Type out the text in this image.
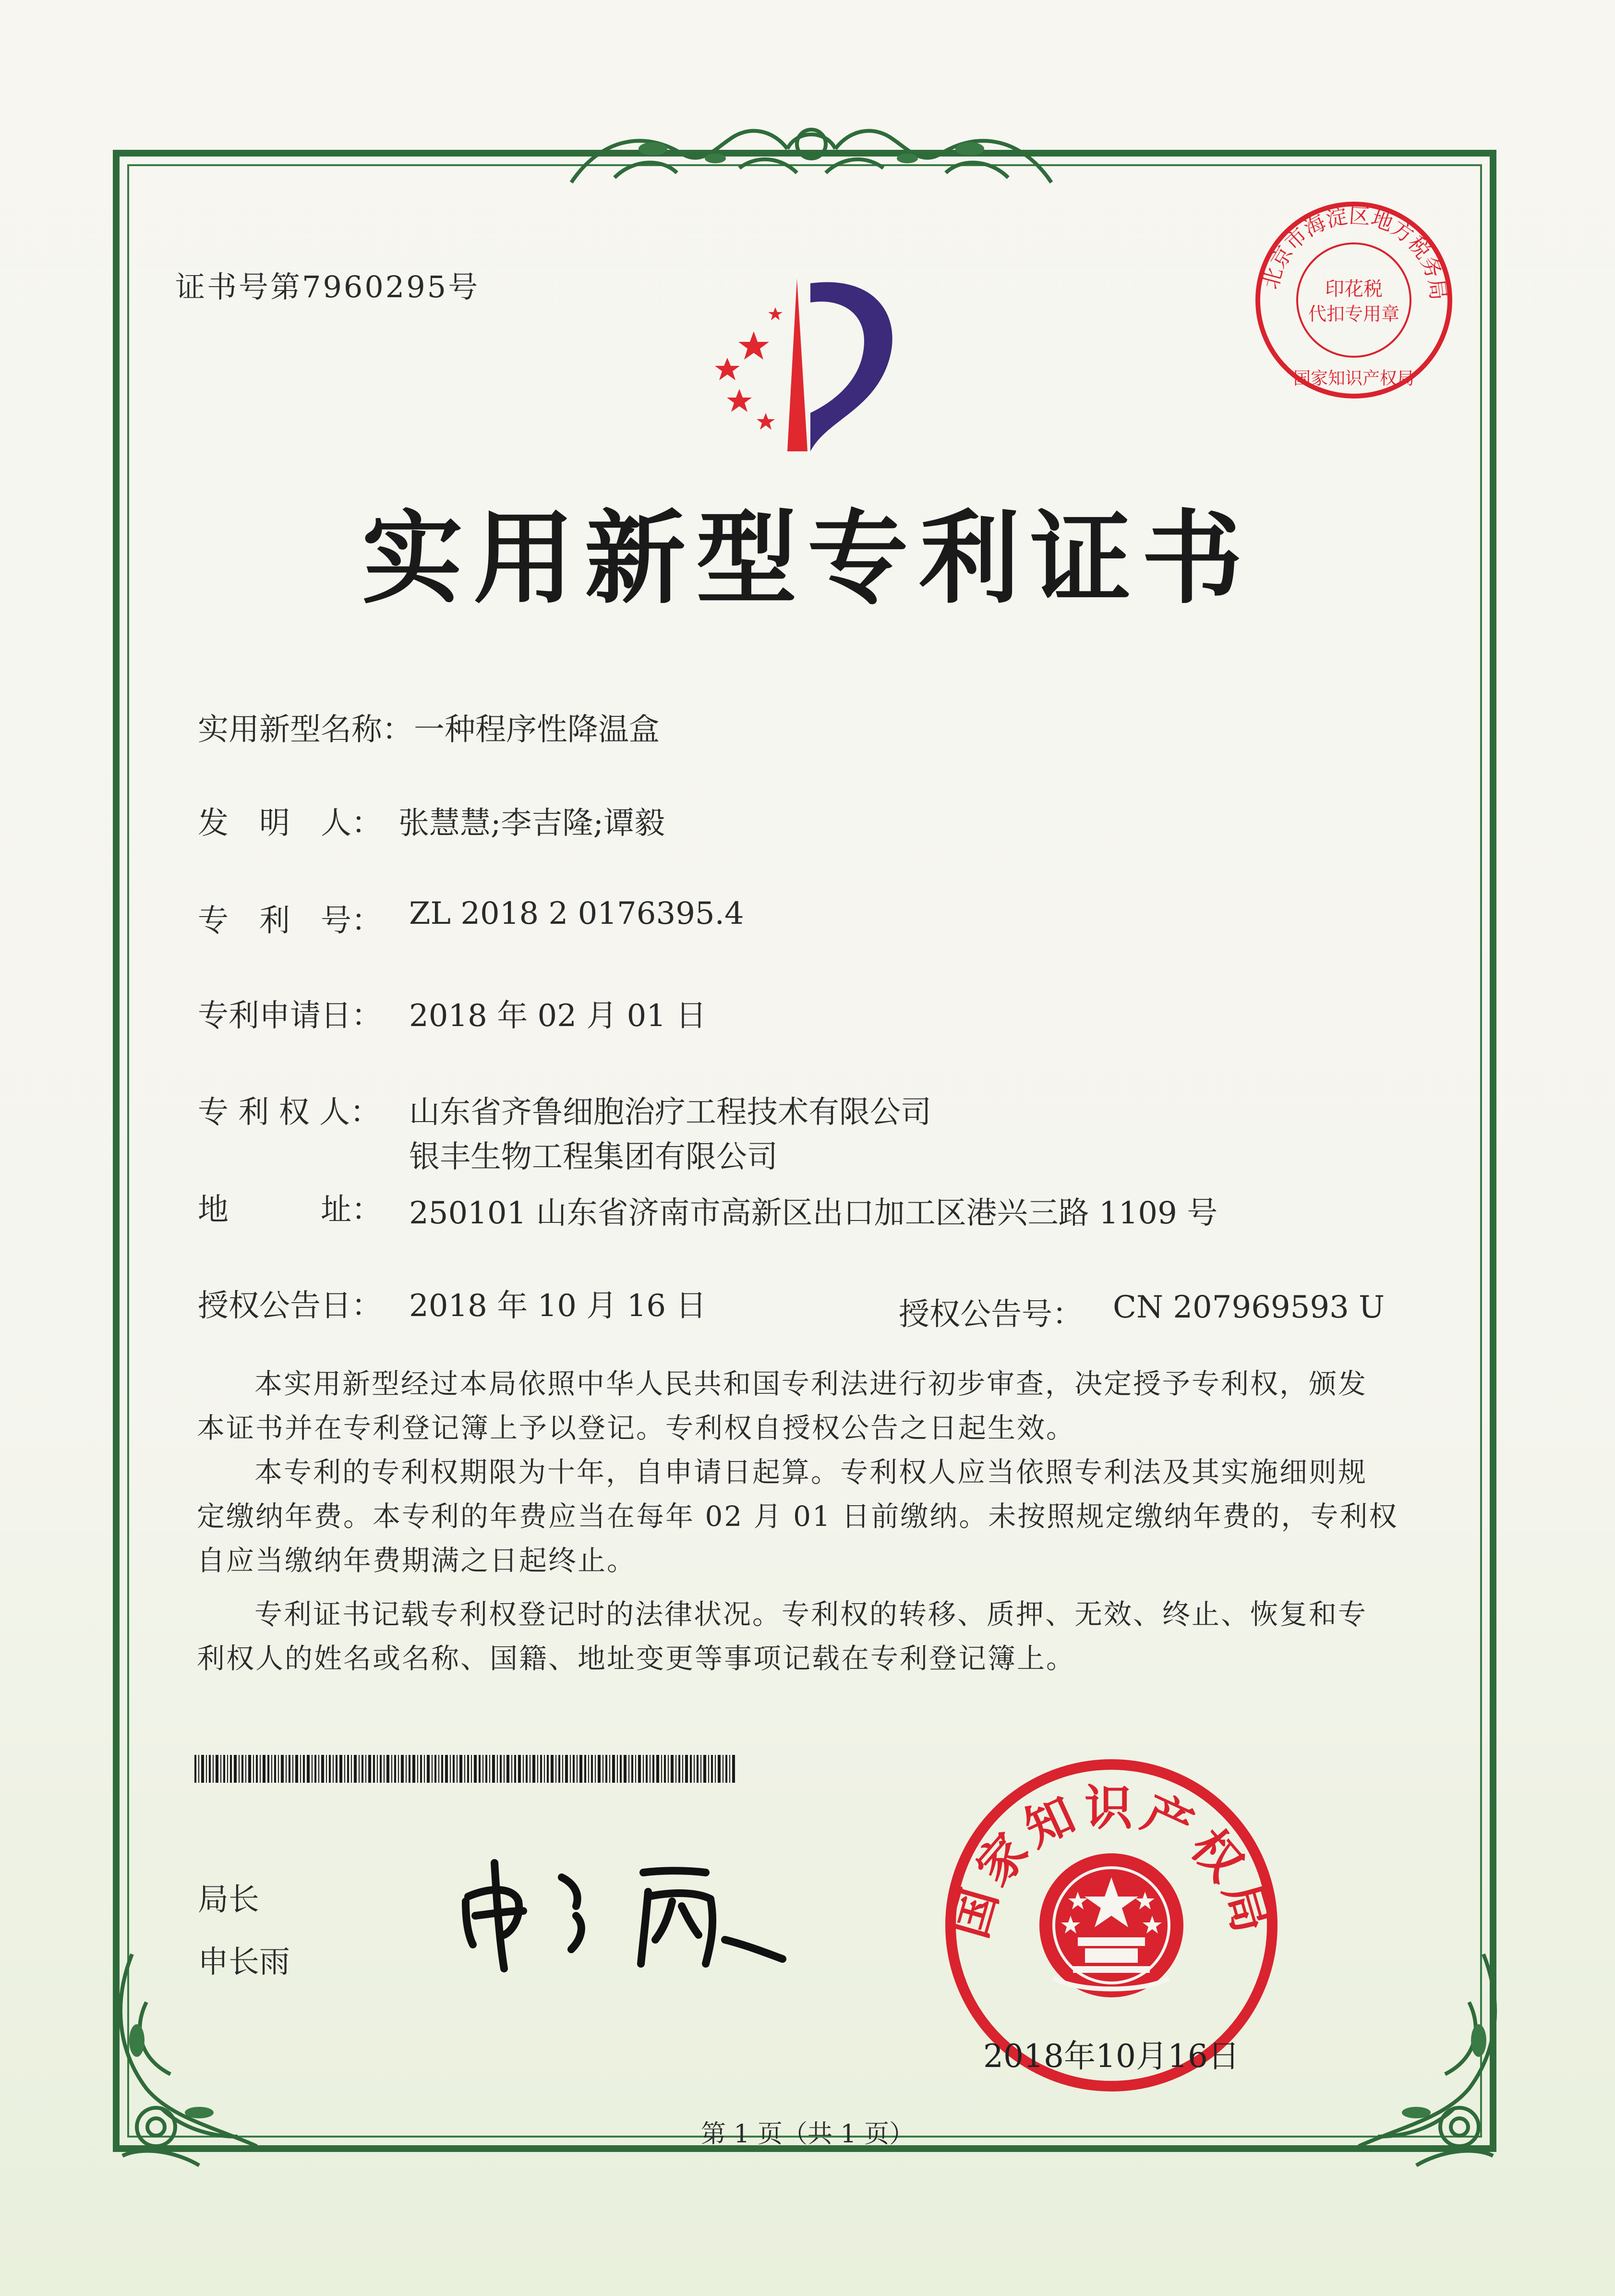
证书号第7960295号	北京市海淀区地方税务局
印花税
代扣专用章
国家知识产权局
实用新型专利证书
实用新型名称： 一种程序性降温盒
发　明　人： 张慧慧;李吉隆;谭毅
专　利　号： ZL 2018 2 0176395.4
专利申请日： 2018 年 02 月 01 日
专 利 权 人： 山东省齐鲁细胞治疗工程技术有限公司
银丰生物工程集团有限公司
地　　　址： 250101 山东省济南市高新区出口加工区港兴三路 1109 号
授权公告日： 2018 年 10 月 16 日	授权公告号： CN 207969593 U
本实用新型经过本局依照中华人民共和国专利法进行初步审查，决定授予专利权，颁发
本证书并在专利登记簿上予以登记。专利权自授权公告之日起生效。
本专利的专利权期限为十年，自申请日起算。专利权人应当依照专利法及其实施细则规
定缴纳年费。本专利的年费应当在每年 02 月 01 日前缴纳。未按照规定缴纳年费的，专利权
自应当缴纳年费期满之日起终止。
专利证书记载专利权登记时的法律状况。专利权的转移、质押、无效、终止、恢复和专
利权人的姓名或名称、国籍、地址变更等事项记载在专利登记簿上。
局长
申长雨
国家知识产权局
2018年10月16日
第 1 页（共 1 页）
